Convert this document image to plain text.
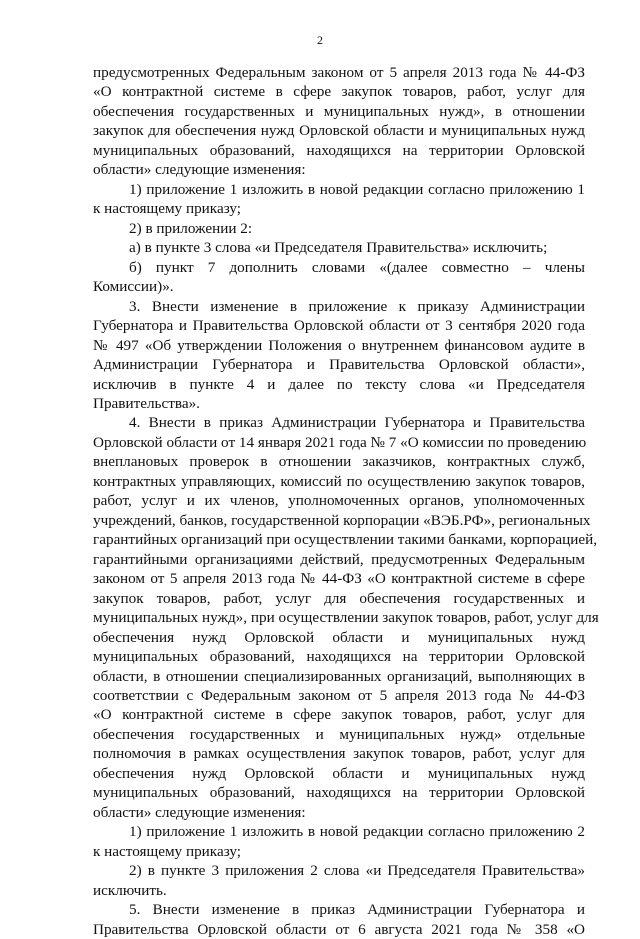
2
предусмотренных Федеральным законом от 5 апреля 2013 года № 44-ФЗ
«О контрактной системе в сфере закупок товаров, работ, услуг для
обеспечения государственных и муниципальных нужд», в отношении
закупок для обеспечения нужд Орловской области и муниципальных нужд
муниципальных образований, находящихся на территории Орловской
области» следующие изменения:
1) приложение 1 изложить в новой редакции согласно приложению 1
к настоящему приказу;
2) в приложении 2:
а) в пункте 3 слова «и Председателя Правительства» исключить;
б) пункт 7 дополнить словами «(далее совместно – члены
Комиссии)».
3. Внести изменение в приложение к приказу Администрации
Губернатора и Правительства Орловской области от 3 сентября 2020 года
№ 497 «Об утверждении Положения о внутреннем финансовом аудите в
Администрации Губернатора и Правительства Орловской области»,
исключив в пункте 4 и далее по тексту слова «и Председателя
Правительства».
4. Внести в приказ Администрации Губернатора и Правительства
Орловской области от 14 января 2021 года № 7 «О комиссии по проведению
внеплановых проверок в отношении заказчиков, контрактных служб,
контрактных управляющих, комиссий по осуществлению закупок товаров,
работ, услуг и их членов, уполномоченных органов, уполномоченных
учреждений, банков, государственной корпорации «ВЭБ.РФ», региональных
гарантийных организаций при осуществлении такими банками, корпорацией,
гарантийными организациями действий, предусмотренных Федеральным
законом от 5 апреля 2013 года № 44-ФЗ «О контрактной системе в сфере
закупок товаров, работ, услуг для обеспечения государственных и
муниципальных нужд», при осуществлении закупок товаров, работ, услуг для
обеспечения нужд Орловской области и муниципальных нужд
муниципальных образований, находящихся на территории Орловской
области, в отношении специализированных организаций, выполняющих в
соответствии с Федеральным законом от 5 апреля 2013 года № 44-ФЗ
«О контрактной системе в сфере закупок товаров, работ, услуг для
обеспечения государственных и муниципальных нужд» отдельные
полномочия в рамках осуществления закупок товаров, работ, услуг для
обеспечения нужд Орловской области и муниципальных нужд
муниципальных образований, находящихся на территории Орловской
области» следующие изменения:
1) приложение 1 изложить в новой редакции согласно приложению 2
к настоящему приказу;
2) в пункте 3 приложения 2 слова «и Председателя Правительства»
исключить.
5. Внести изменение в приказ Администрации Губернатора и
Правительства Орловской области от 6 августа 2021 года № 358 «О
